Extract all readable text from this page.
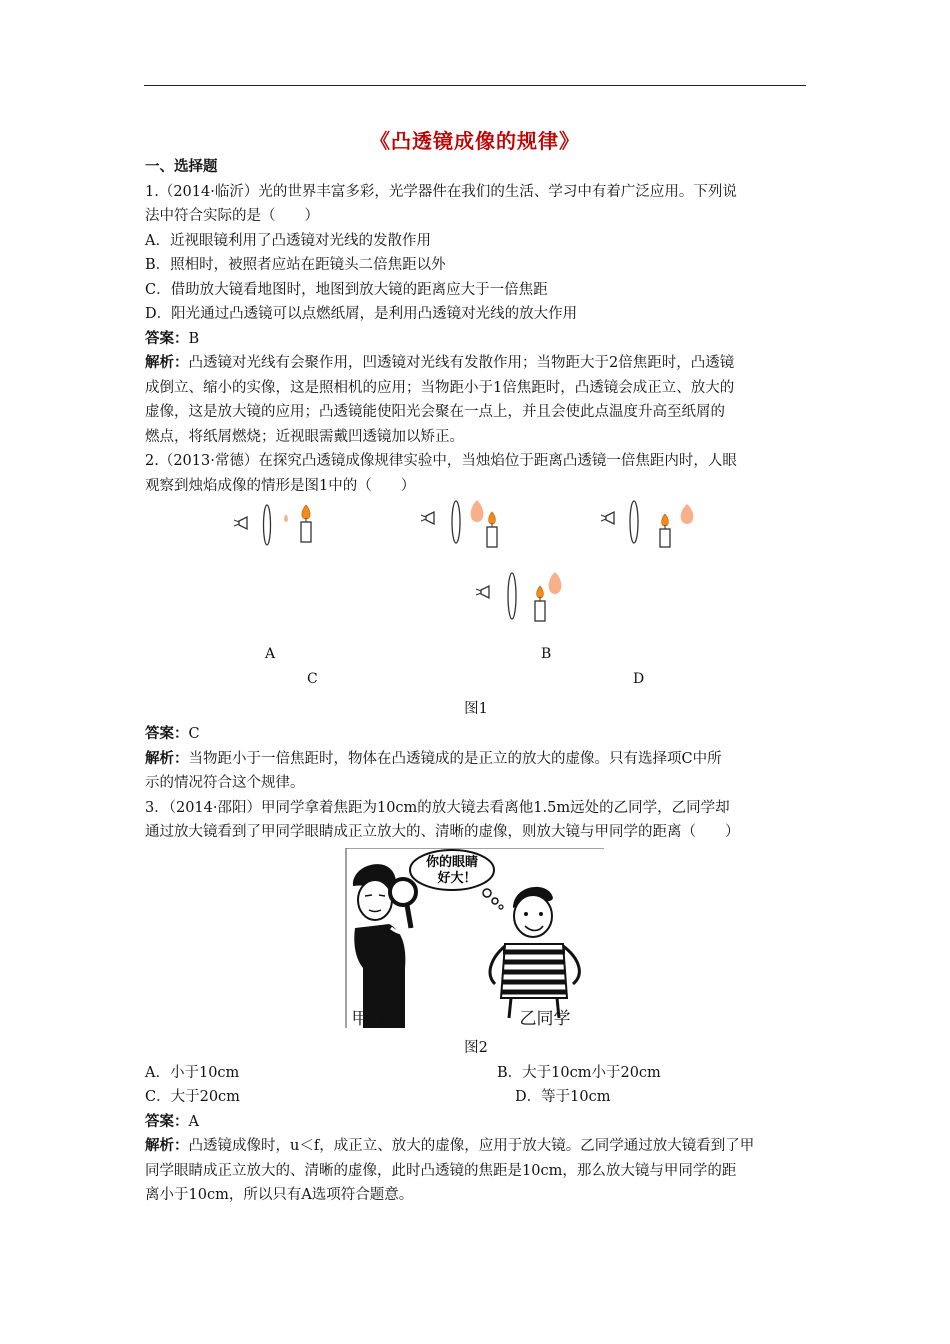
《凸透镜成像的规律》
一、选择题
1.（2014·临沂）光的世界丰富多彩，光学器件在我们的生活、学习中有着广泛应用。下列说
法中符合实际的是（　　）
A．近视眼镜利用了凸透镜对光线的发散作用
B．照相时，被照者应站在距镜头二倍焦距以外
C．借助放大镜看地图时，地图到放大镜的距离应大于一倍焦距
D．阳光通过凸透镜可以点燃纸屑，是利用凸透镜对光线的放大作用
答案：B
解析：凸透镜对光线有会聚作用，凹透镜对光线有发散作用；当物距大于2倍焦距时，凸透镜
成倒立、缩小的实像，这是照相机的应用；当物距小于1倍焦距时，凸透镜会成正立、放大的
虚像，这是放大镜的应用；凸透镜能使阳光会聚在一点上，并且会使此点温度升高至纸屑的
燃点，将纸屑燃烧；近视眼需戴凹透镜加以矫正。
2.（2013·常德）在探究凸透镜成像规律实验中，当烛焰位于距离凸透镜一倍焦距内时，人眼
观察到烛焰成像的情形是图1中的（　　）
A	B
C	D
图1
答案：C
解析：当物距小于一倍焦距时，物体在凸透镜成的是正立的放大的虚像。只有选择项C中所
示的情况符合这个规律。
3．（2014·邵阳）甲同学拿着焦距为10cm的放大镜去看离他1.5m远处的乙同学，乙同学却
通过放大镜看到了甲同学眼睛成正立放大的、清晰的虚像，则放大镜与甲同学的距离（　　）
你的眼睛
好大！
甲同学	乙同学
图2
A．小于10cm	B．大于10cm小于20cm
C．大于20cm	D．等于10cm
答案：A
解析：凸透镜成像时，u＜f，成正立、放大的虚像，应用于放大镜。乙同学通过放大镜看到了甲
同学眼睛成正立放大的、清晰的虚像，此时凸透镜的焦距是10cm，那么放大镜与甲同学的距
离小于10cm，所以只有A选项符合题意。
